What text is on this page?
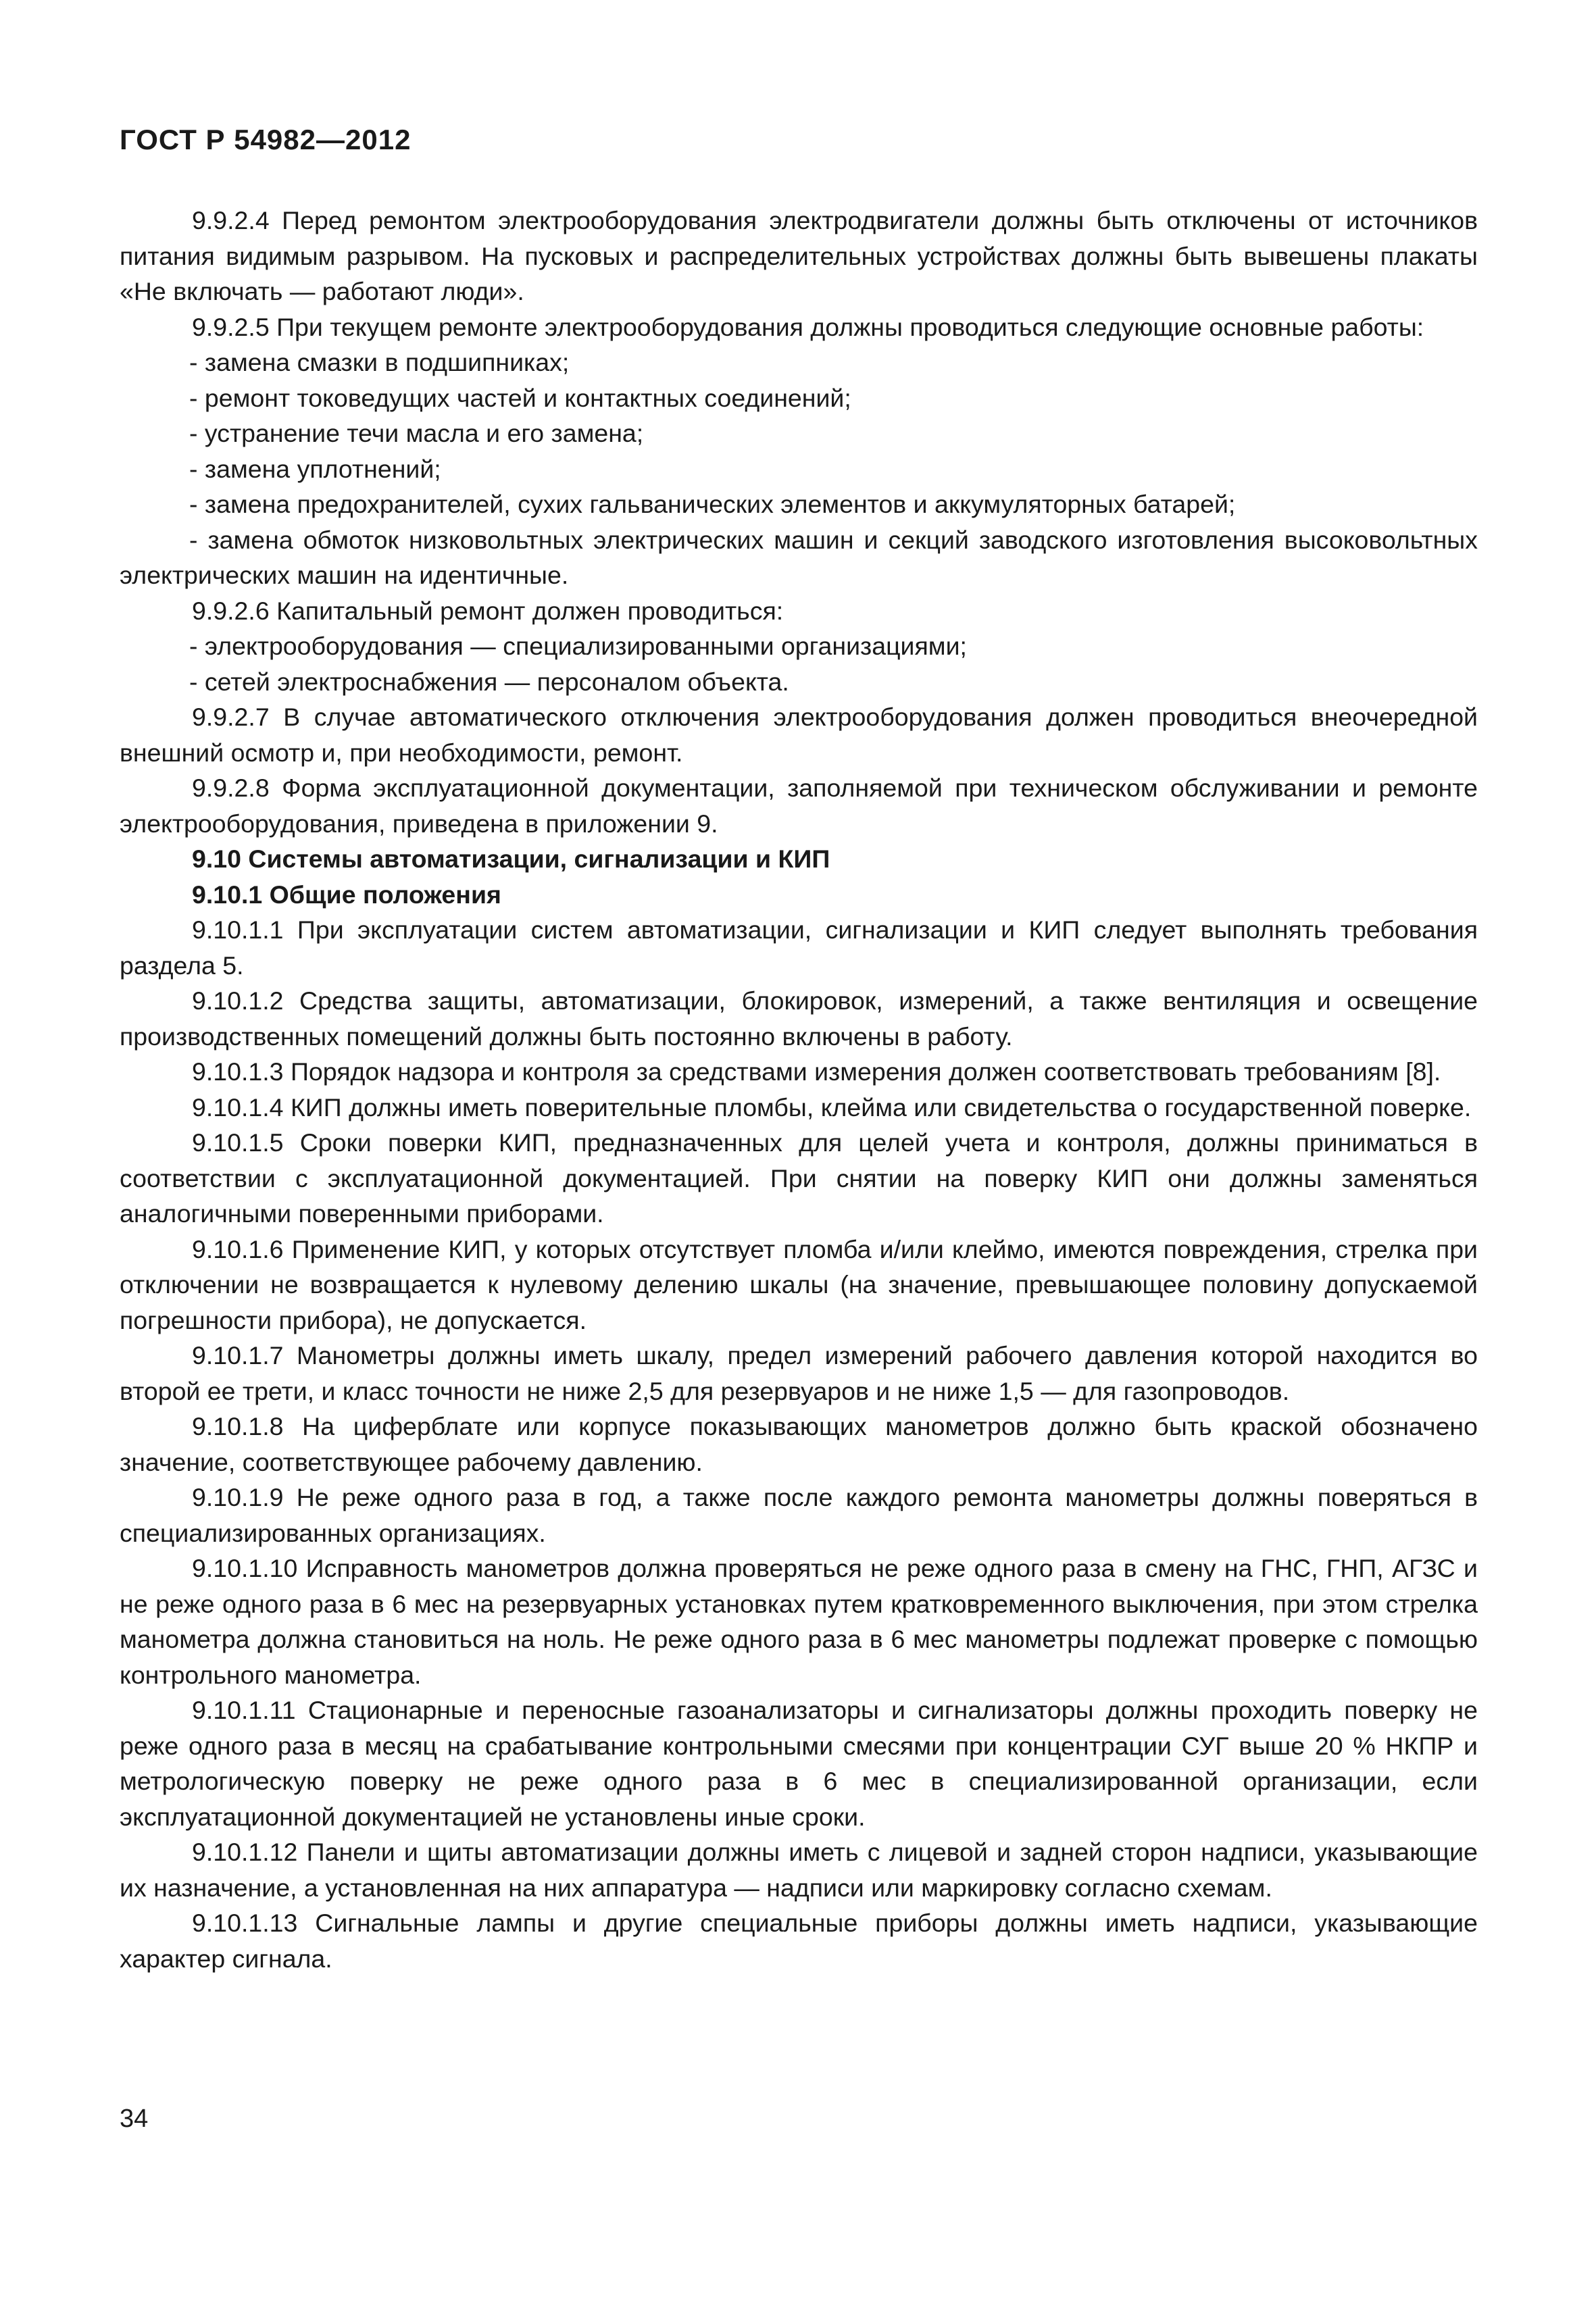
ГОСТ Р 54982—2012

9.9.2.4 Перед ремонтом электрооборудования электродвигатели должны быть отключены от источников питания видимым разрывом. На пусковых и распределительных устройствах должны быть вывешены плакаты «Не включать — работают люди».

9.9.2.5 При текущем ремонте электрооборудования должны проводиться следующие основные работы:

- замена смазки в подшипниках;

- ремонт токоведущих частей и контактных соединений;

- устранение течи масла и его замена;

- замена уплотнений;

- замена предохранителей, сухих гальванических элементов и аккумуляторных батарей;

- замена обмоток низковольтных электрических машин и секций заводского изготовления высоковольтных электрических машин на идентичные.

9.9.2.6 Капитальный ремонт должен проводиться:

- электрооборудования — специализированными организациями;

- сетей электроснабжения — персоналом объекта.

9.9.2.7 В случае автоматического отключения электрооборудования должен проводиться внеочередной внешний осмотр и, при необходимости, ремонт.

9.9.2.8 Форма эксплуатационной документации, заполняемой при техническом обслуживании и ремонте электрооборудования, приведена в приложении 9.

9.10 Системы автоматизации, сигнализации и КИП

9.10.1 Общие положения

9.10.1.1 При эксплуатации систем автоматизации, сигнализации и КИП следует выполнять требования раздела 5.

9.10.1.2 Средства защиты, автоматизации, блокировок, измерений, а также вентиляция и освещение производственных помещений должны быть постоянно включены в работу.

9.10.1.3 Порядок надзора и контроля за средствами измерения должен соответствовать требованиям [8].

9.10.1.4 КИП должны иметь поверительные пломбы, клейма или свидетельства о государственной поверке.

9.10.1.5 Сроки поверки КИП, предназначенных для целей учета и контроля, должны приниматься в соответствии с эксплуатационной документацией. При снятии на поверку КИП они должны заменяться аналогичными поверенными приборами.

9.10.1.6 Применение КИП, у которых отсутствует пломба и/или клеймо, имеются повреждения, стрелка при отключении не возвращается к нулевому делению шкалы (на значение, превышающее половину допускаемой погрешности прибора), не допускается.

9.10.1.7 Манометры должны иметь шкалу, предел измерений рабочего давления которой находится во второй ее трети, и класс точности не ниже 2,5 для резервуаров и не ниже 1,5 — для газопроводов.

9.10.1.8 На циферблате или корпусе показывающих манометров должно быть краской обозначено значение, соответствующее рабочему давлению.

9.10.1.9 Не реже одного раза в год, а также после каждого ремонта манометры должны поверяться в специализированных организациях.

9.10.1.10 Исправность манометров должна проверяться не реже одного раза в смену на ГНС, ГНП, АГЗС и не реже одного раза в 6 мес на резервуарных установках путем кратковременного выключения, при этом стрелка манометра должна становиться на ноль. Не реже одного раза в 6 мес манометры подлежат проверке с помощью контрольного манометра.

9.10.1.11 Стационарные и переносные газоанализаторы и сигнализаторы должны проходить поверку не реже одного раза в месяц на срабатывание контрольными смесями при концентрации СУГ выше 20 % НКПР и метрологическую поверку не реже одного раза в 6 мес в специализированной организации, если эксплуатационной документацией не установлены иные сроки.

9.10.1.12 Панели и щиты автоматизации должны иметь с лицевой и задней сторон надписи, указывающие их назначение, а установленная на них аппаратура — надписи или маркировку согласно схемам.

9.10.1.13 Сигнальные лампы и другие специальные приборы должны иметь надписи, указывающие характер сигнала.

34
